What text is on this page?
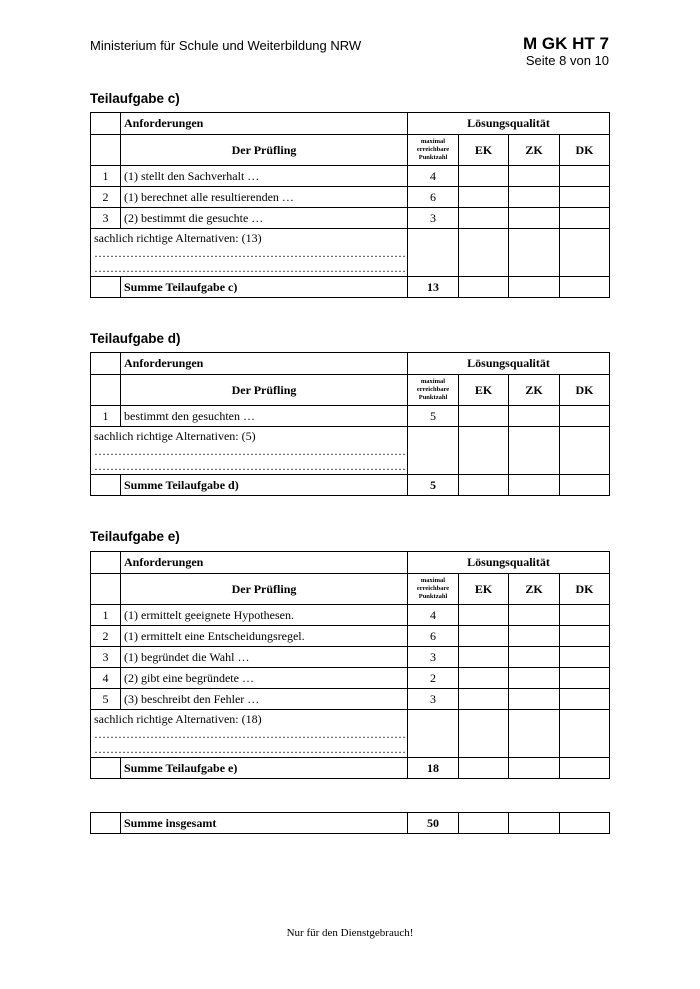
Ministerium für Schule und Weiterbildung NRW	M GK HT 7
Seite 8 von 10
Teilaufgabe c)
	Anforderungen	Lösungsqualität			
	Der Prüfling	maximal
erreichbare
Punktzahl	EK	ZK	DK
1	(1) stellt den Sachverhalt …	4			
2	(1) berechnet alle resultierenden …	6			
3	(2) bestimmt die gesuchte …	3			
sachlich richtige Alternativen: (13)
……………………………………………………………………
……………………………………………………………………					
	Summe Teilaufgabe c)	13			
Teilaufgabe d)
	Anforderungen	Lösungsqualität			
	Der Prüfling	maximal
erreichbare
Punktzahl	EK	ZK	DK
1	bestimmt den gesuchten …	5			
sachlich richtige Alternativen: (5)
……………………………………………………………………
……………………………………………………………………					
	Summe Teilaufgabe d)	5			
Teilaufgabe e)
	Anforderungen	Lösungsqualität			
	Der Prüfling	maximal
erreichbare
Punktzahl	EK	ZK	DK
1	(1) ermittelt geeignete Hypothesen.	4			
2	(1) ermittelt eine Entscheidungsregel.	6			
3	(1) begründet die Wahl …	3			
4	(2) gibt eine begründete …	2			
5	(3) beschreibt den Fehler …	3			
sachlich richtige Alternativen: (18)
……………………………………………………………………
……………………………………………………………………					
	Summe Teilaufgabe e)	18			
	Summe insgesamt	50			
Nur für den Dienstgebrauch!
